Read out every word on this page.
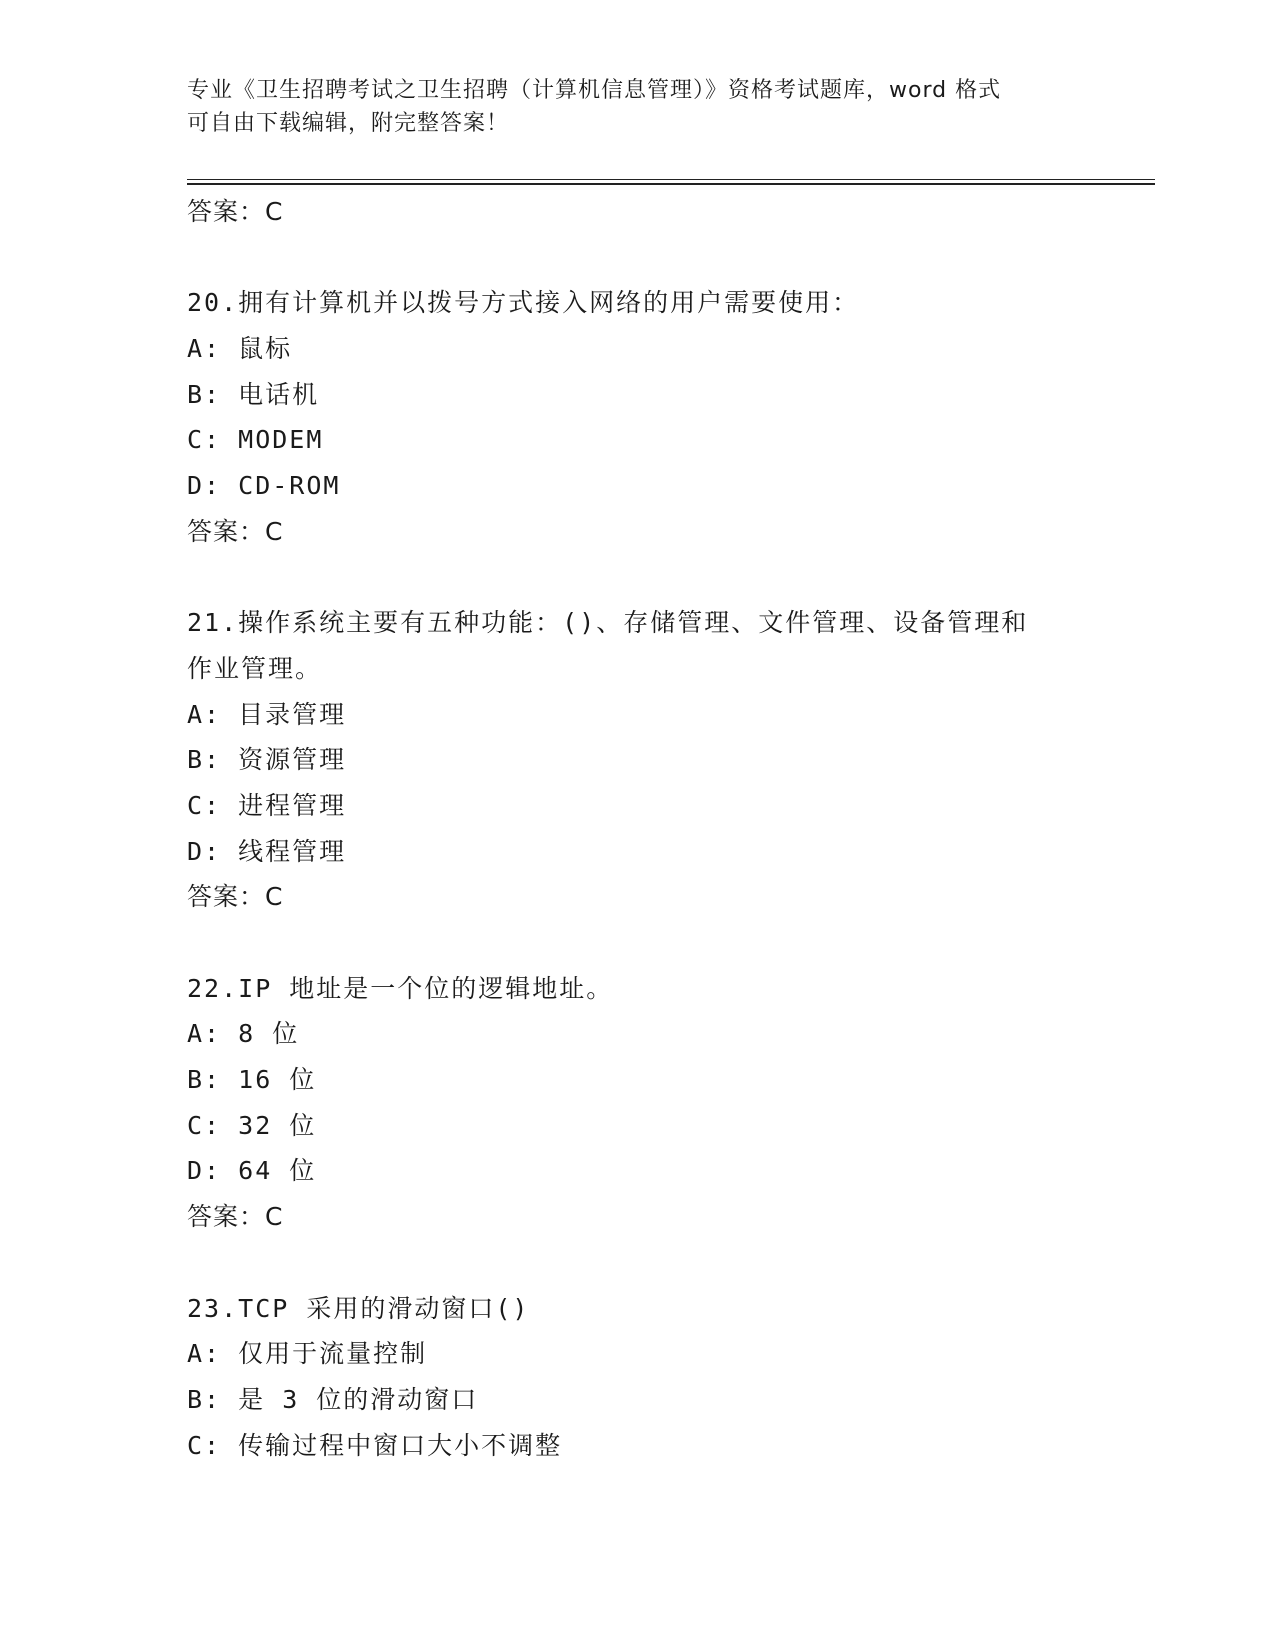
专业《卫生招聘考试之卫生招聘（计算机信息管理）》资格考试题库，word 格式
可自由下载编辑，附完整答案！
答案：C
20.拥有计算机并以拨号方式接入网络的用户需要使用：
A: 鼠标
B: 电话机
C: MODEM
D: CD-ROM
答案：C
21.操作系统主要有五种功能：()、存储管理、文件管理、设备管理和
作业管理。
A: 目录管理
B: 资源管理
C: 进程管理
D: 线程管理
答案：C
22.IP 地址是一个位的逻辑地址。
A: 8 位
B: 16 位
C: 32 位
D: 64 位
答案：C
23.TCP 采用的滑动窗口()
A: 仅用于流量控制
B: 是 3 位的滑动窗口
C: 传输过程中窗口大小不调整
